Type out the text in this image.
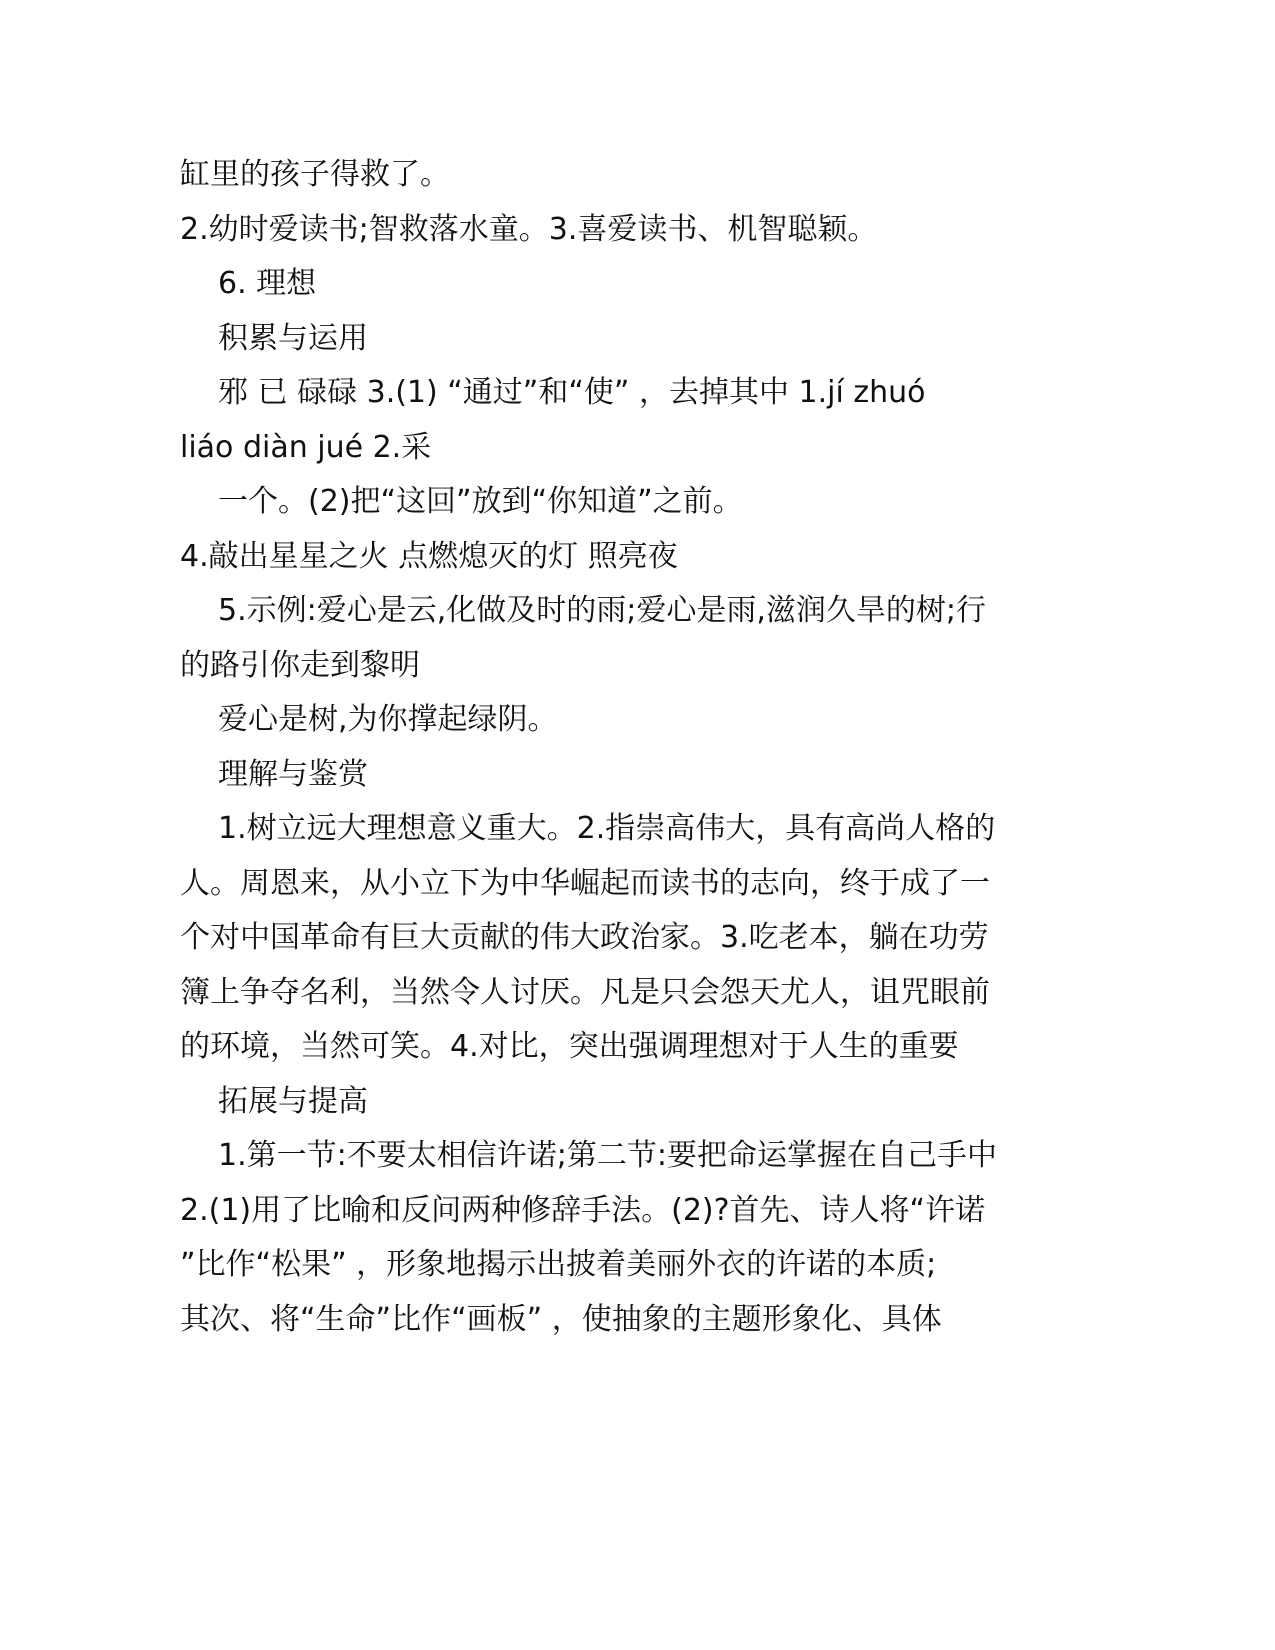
缸里的孩子得救了。
2.幼时爱读书;智救落水童。3.喜爱读书、机智聪颖。
6. 理想
积累与运用
邪 已 碌碌 3.(1) “通过”和“使” ，去掉其中 1.jí zhuó
liáo diàn jué 2.采
一个。(2)把“这回”放到“你知道”之前。
4.敲出星星之火 点燃熄灭的灯 照亮夜
5.示例:爱心是云,化做及时的雨;爱心是雨,滋润久旱的树;行
的路引你走到黎明
爱心是树,为你撑起绿阴。
理解与鉴赏
1.树立远大理想意义重大。2.指崇高伟大，具有高尚人格的
人。周恩来，从小立下为中华崛起而读书的志向，终于成了一
个对中国革命有巨大贡献的伟大政治家。3.吃老本，躺在功劳
簿上争夺名利，当然令人讨厌。凡是只会怨天尤人，诅咒眼前
的环境，当然可笑。4.对比，突出强调理想对于人生的重要
拓展与提高
1.第一节:不要太相信许诺;第二节:要把命运掌握在自己手中
2.(1)用了比喻和反问两种修辞手法。(2)?首先、诗人将“许诺
”比作“松果” ，形象地揭示出披着美丽外衣的许诺的本质;
其次、将“生命”比作“画板” ，使抽象的主题形象化、具体
